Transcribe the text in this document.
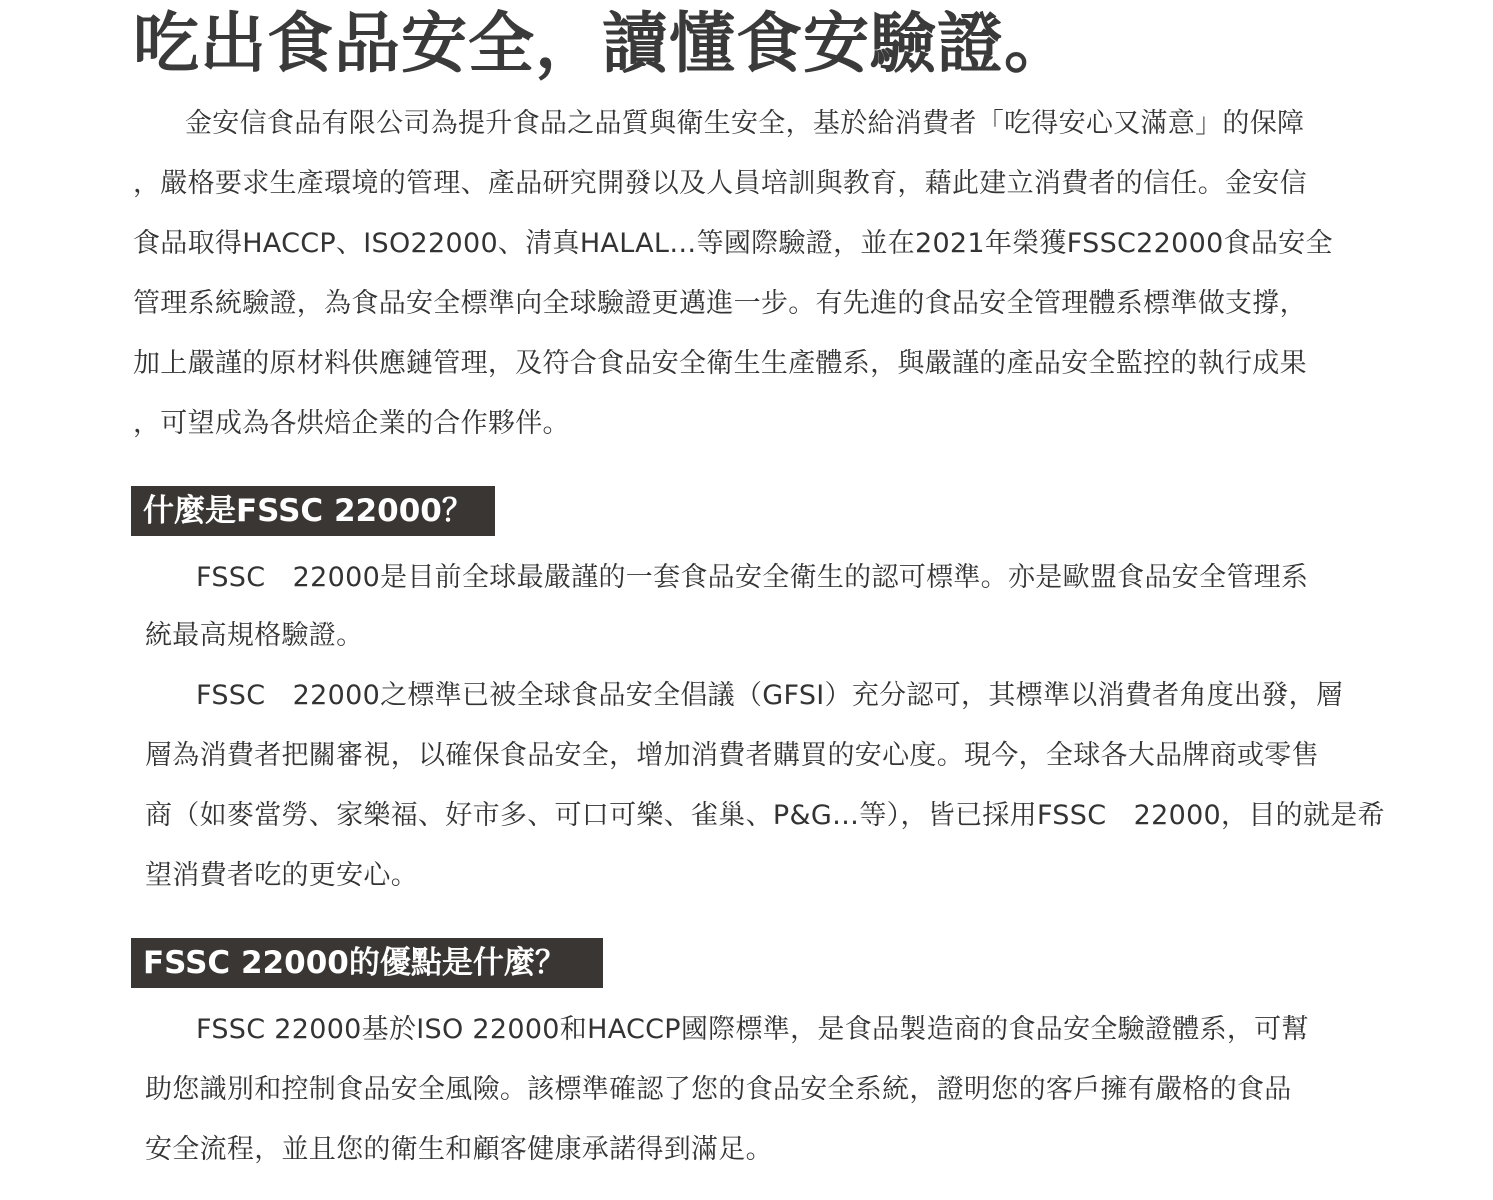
吃出食品安全，讀懂食安驗證。

金安信食品有限公司為提升食品之品質與衛生安全，基於給消費者「吃得安心又滿意」的保障

，嚴格要求生產環境的管理、產品研究開發以及人員培訓與教育，藉此建立消費者的信任。金安信

食品取得HACCP、ISO22000、清真HALAL…等國際驗證，並在2021年榮獲FSSC22000食品安全

管理系統驗證，為食品安全標準向全球驗證更邁進一步。有先進的食品安全管理體系標準做支撐，

加上嚴謹的原材料供應鏈管理，及符合食品安全衛生生產體系，與嚴謹的產品安全監控的執行成果

，可望成為各烘焙企業的合作夥伴。

什麼是FSSC 22000？

FSSC　22000是目前全球最嚴謹的一套食品安全衛生的認可標準。亦是歐盟食品安全管理系

統最高規格驗證。

FSSC　22000之標準已被全球食品安全倡議（GFSI）充分認可，其標準以消費者角度出發，層

層為消費者把關審視，以確保食品安全，增加消費者購買的安心度。現今，全球各大品牌商或零售

商（如麥當勞、家樂福、好市多、可口可樂、雀巢、P&G…等），皆已採用FSSC　22000，目的就是希

望消費者吃的更安心。

FSSC 22000的優點是什麼？

FSSC 22000基於ISO 22000和HACCP國際標準，是食品製造商的食品安全驗證體系，可幫

助您識別和控制食品安全風險。該標準確認了您的食品安全系統，證明您的客戶擁有嚴格的食品

安全流程，並且您的衛生和顧客健康承諾得到滿足。
